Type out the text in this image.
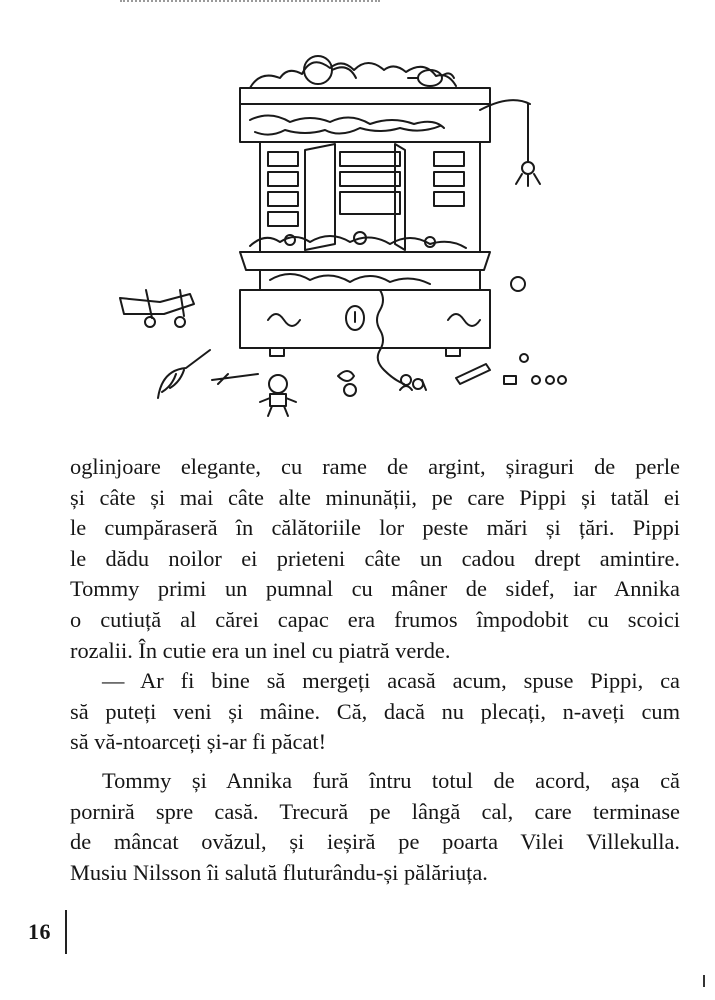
oglinjoare elegante, cu rame de argint, șiraguri de perle
și câte și mai câte alte minunății, pe care Pippi și tatăl ei
le cumpăraseră în călătoriile lor peste mări și țări. Pippi
le dădu noilor ei prieteni câte un cadou drept amintire.
Tommy primi un pumnal cu mâner de sidef, iar Annika
o cutiuță al cărei capac era frumos împodobit cu scoici
rozalii. În cutie era un inel cu piatră verde.
— Ar fi bine să mergeți acasă acum, spuse Pippi, ca
să puteți veni și mâine. Că, dacă nu plecați, n-aveți cum
să vă-ntoarceți și-ar fi păcat!
Tommy și Annika fură întru totul de acord, așa că
porniră spre casă. Trecură pe lângă cal, care terminase
de mâncat ovăzul, și ieșiră pe poarta Vilei Villekulla.
Musiu Nilsson îi salută fluturându-și pălăriuța.
16
